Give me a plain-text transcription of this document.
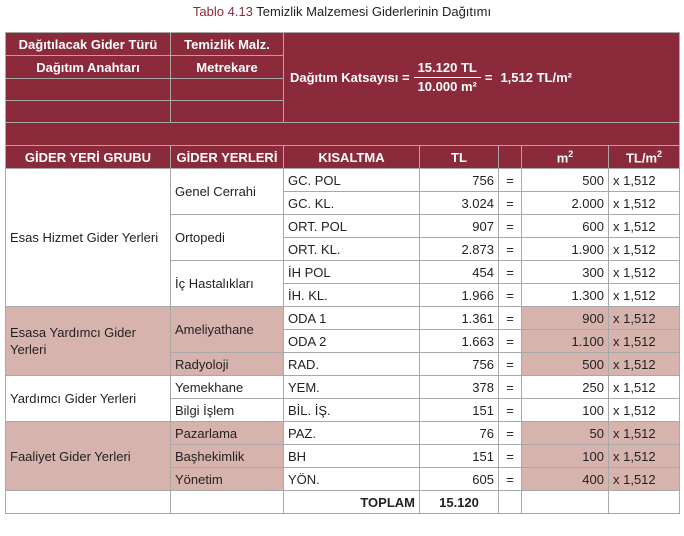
Tablo 4.13 Temizlik Malzemesi Giderlerinin Dağıtımı
Dağıtılacak Gider Türü	Temizlik Malz.	Dağıtım Katsayısı = $\frac{15.120 TL}{\text{10.000 m²}} = 1,512$ TL/m²				

Dağıtım Anahtarı	Metrekare					

GİDER YERİ GRUBU	GİDER YERLERİ	KISALTMA	TL		$m^2$	$TL/m^2$
Esas Hizmet Gider Yerleri	Genel Cerrahi	GC. POL	756	=	500	x 1,512
		GC. KL.	3.024	=	2.000	x 1,512
	Ortopedi	ORT. POL	907	=	600	x 1,512
		ORT. KL.	2.873	=	1.900	x 1,512
	İç Hastalıkları	İH POL	454	=	300	x 1,512
		İH. KL.	1.966	=	1.300	x 1,512
Esasa Yardımcı Gider Yerleri	Ameliyathane	ODA 1	1.361	=	900	x 1,512
		ODA 2	1.663	=	1.100	x 1,512
	Radyoloji	RAD.	756	=	500	x 1,512
Yardımcı Gider Yerleri	Yemekhane	YEM.	378	=	250	x 1,512
	Bilgi İşlem	BİL. İŞ.	151	=	100	x 1,512
Faaliyet Gider Yerleri	Pazarlama	PAZ.	76	=	50	x 1,512
	Başhekimlik	BH	151	=	100	x 1,512
	Yönetim	YÖN.	605	=	400	x 1,512
		TOPLAM	15.120			
